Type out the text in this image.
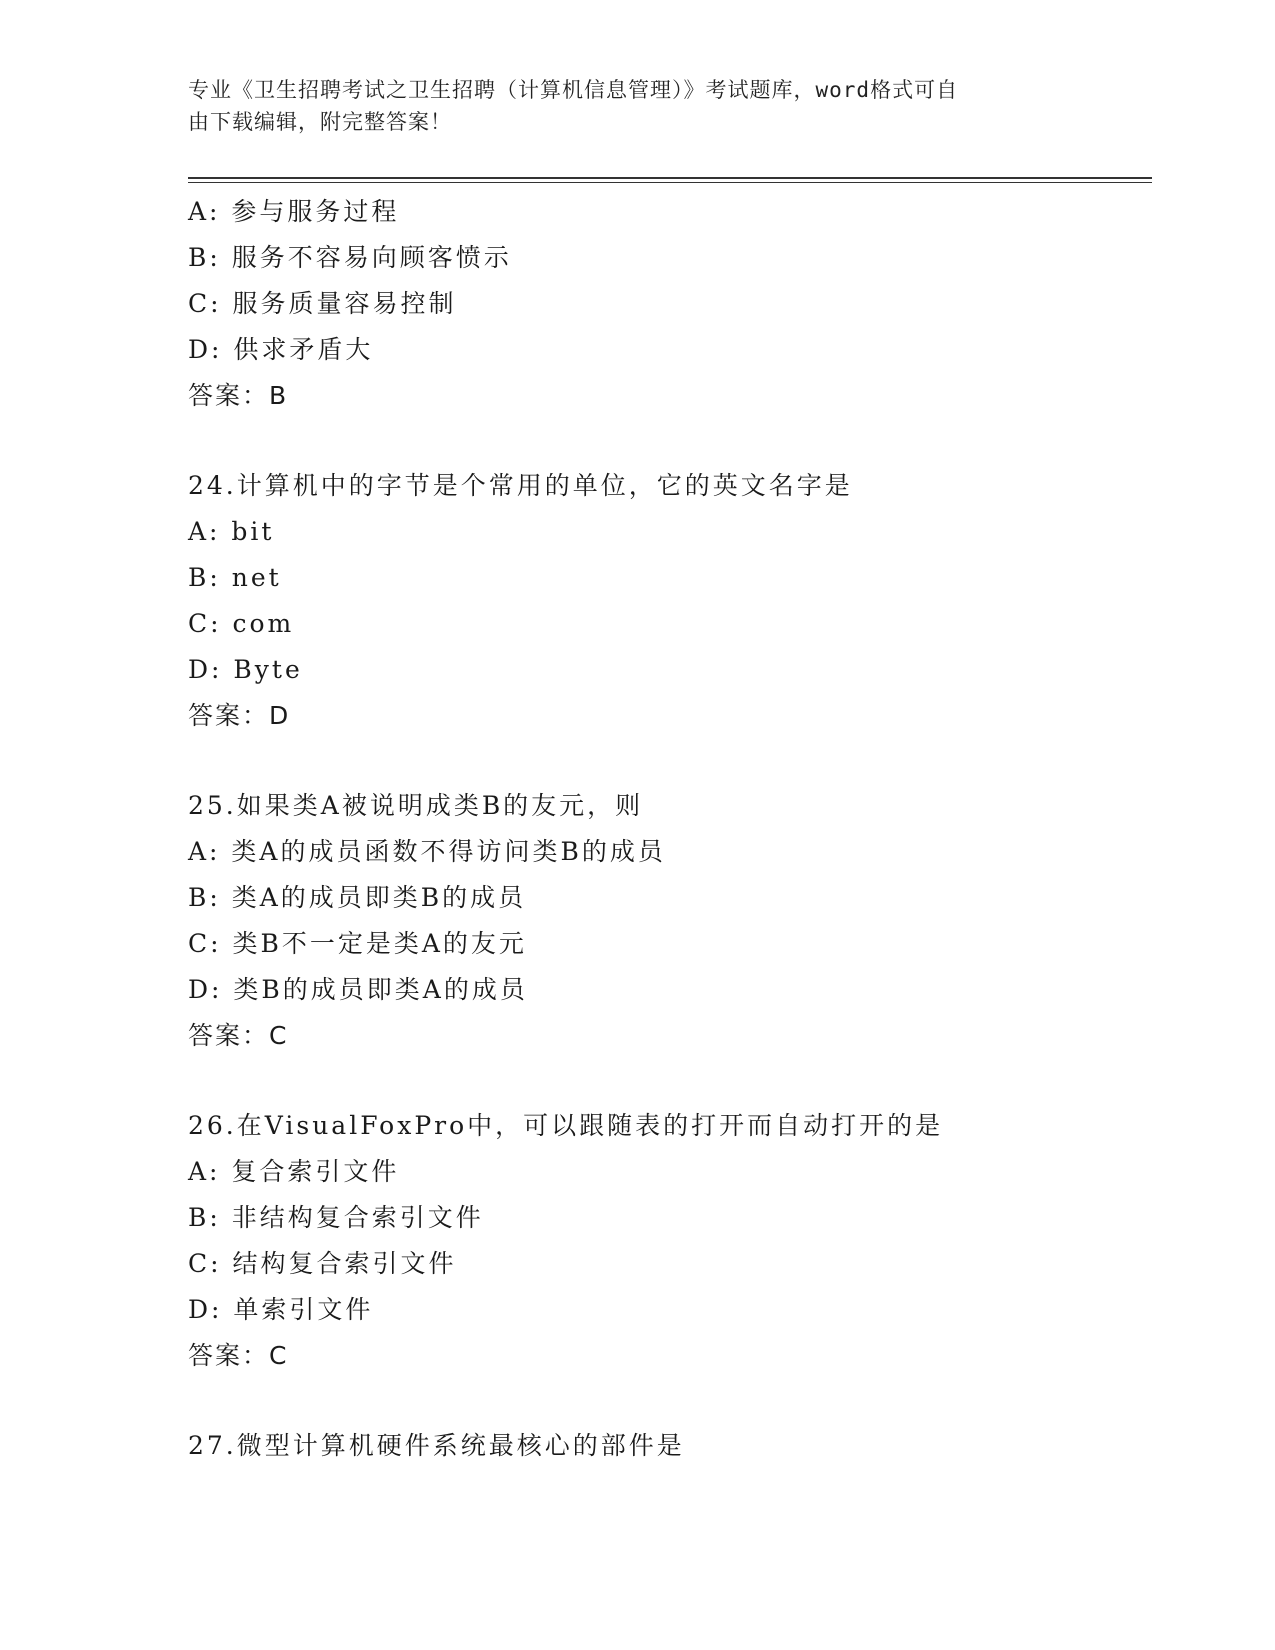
专业《卫生招聘考试之卫生招聘（计算机信息管理）》考试题库，word格式可自
由下载编辑，附完整答案！
A: 参与服务过程
B: 服务不容易向顾客愤示
C: 服务质量容易控制
D: 供求矛盾大
答案：B
24.计算机中的字节是个常用的单位，它的英文名字是
A: bit
B: net
C: com
D: Byte
答案：D
25.如果类A被说明成类B的友元，则
A: 类A的成员函数不得访问类B的成员
B: 类A的成员即类B的成员
C: 类B不一定是类A的友元
D: 类B的成员即类A的成员
答案：C
26.在VisualFoxPro中，可以跟随表的打开而自动打开的是
A: 复合索引文件
B: 非结构复合索引文件
C: 结构复合索引文件
D: 单索引文件
答案：C
27.微型计算机硬件系统最核心的部件是
